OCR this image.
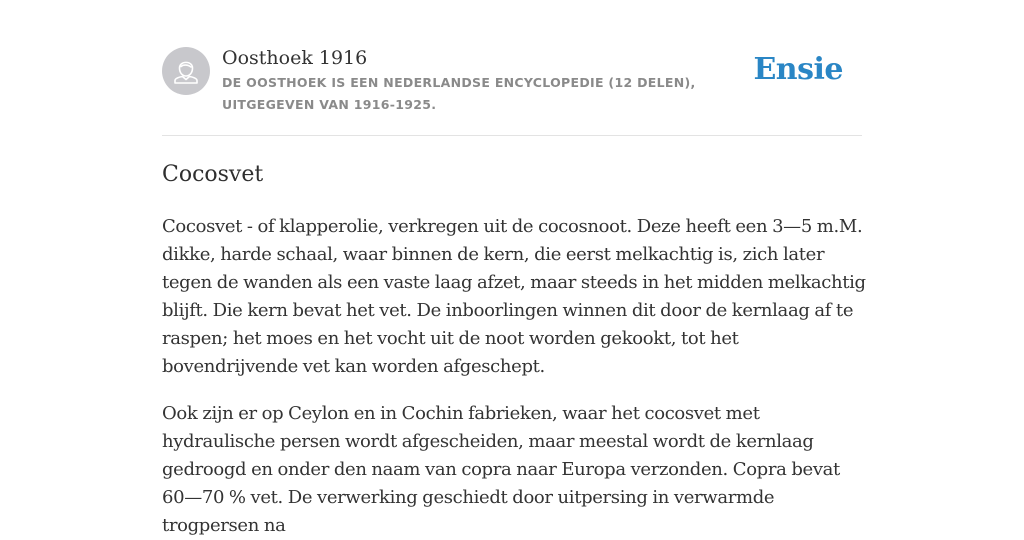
Oosthoek 1916
DE OOSTHOEK IS EEN NEDERLANDSE ENCYCLOPEDIE (12 DELEN), UITGEGEVEN VAN 1916-1925.
Ensie
Cocosvet

Cocosvet - of klapperolie, verkregen uit de cocosnoot. Deze heeft een 3—5 m.M. dikke, harde schaal, waar binnen de kern, die eerst melkachtig is, zich later tegen de wanden als een vaste laag afzet, maar steeds in het midden melkachtig blijft. Die kern bevat het vet. De inboorlingen winnen dit door de kernlaag af te raspen; het moes en het vocht uit de noot worden gekookt, tot het bovendrijvende vet kan worden afgeschept.

Ook zijn er op Ceylon en in Cochin fabrieken, waar het cocosvet met hydraulische persen wordt afgescheiden, maar meestal wordt de kernlaag gedroogd en onder den naam van copra naar Europa verzonden. Copra bevat 60—70 % vet. De verwerking geschiedt door uitpersing in verwarmde trogpersen na
